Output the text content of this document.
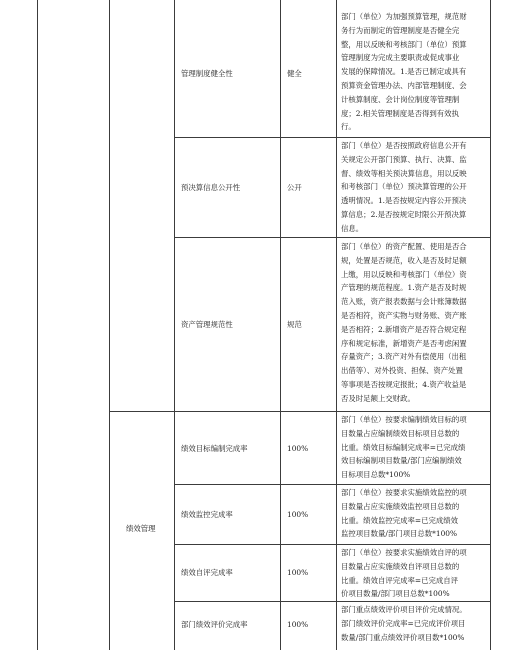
管理制度健全性	健全
部门（单位）为加强预算管理，规范财
务行为而制定的管理制度是否健全完
整，用以反映和考核部门（单位）预算
管理制度为完成主要职责或促成事业
发展的保障情况。1.是否已制定或具有
预算资金管理办法、内部管理制度、会
计核算制度、会计岗位制度等管理制
度；2.相关管理制度是否得到有效执
行。
预决算信息公开性	公开
部门（单位）是否按照政府信息公开有
关规定公开部门预算、执行、决算、监
督、绩效等相关预决算信息，用以反映
和考核部门（单位）预决算管理的公开
透明情况。1.是否按规定内容公开预决
算信息；2.是否按规定时限公开预决算
信息。
资产管理规范性	规范
部门（单位）的资产配置、使用是否合
规，处置是否规范，收入是否及时足额
上缴，用以反映和考核部门（单位）资
产管理的规范程度。1.资产是否及时规
范入账，资产报表数据与会计账簿数据
是否相符，资产实物与财务账、资产账
是否相符；2.新增资产是否符合规定程
序和规定标准，新增资产是否考虑闲置
存量资产；3.资产对外有偿使用（出租
出借等）、对外投资、担保、资产处置
等事项是否按规定报批；4.资产收益是
否及时足额上交财政。
绩效管理
绩效目标编制完成率	100%
部门（单位）按要求编制绩效目标的项
目数量占应编制绩效目标项目总数的
比重。绩效目标编制完成率=已完成绩
效目标编制项目数量/部门应编制绩效
目标项目总数*100%
绩效监控完成率	100%
部门（单位）按要求实施绩效监控的项
目数量占应实施绩效监控项目总数的
比重。绩效监控完成率=已完成绩效
监控项目数量/部门项目总数*100%
绩效自评完成率	100%
部门（单位）按要求实施绩效自评的项
目数量占应实施绩效自评项目总数的
比重。绩效自评完成率=已完成自评
价项目数量/部门项目总数*100%
部门绩效评价完成率	100%
部门重点绩效评价项目评价完成情况。
部门绩效评价完成率=已完成评价项目
数量/部门重点绩效评价项目数*100%
